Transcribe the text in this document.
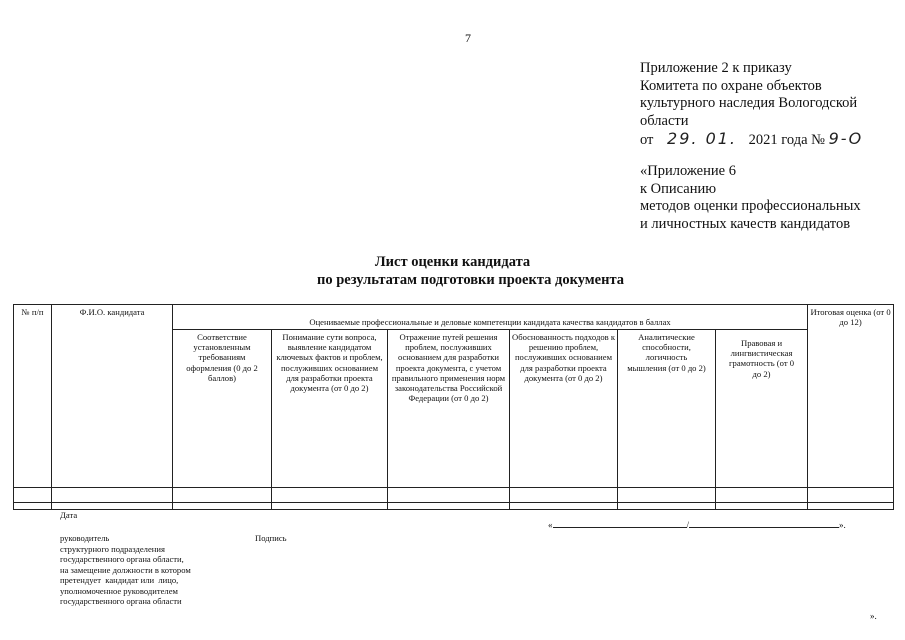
7
Приложение 2 к приказу
Комитета по охране объектов
культурного наследия Вологодской
области
от 29. 01. 2021 года № 9-О
«Приложение 6
к Описанию
методов оценки профессиональных
и личностных качеств кандидатов
Лист оценки кандидата
по результатам подготовки проекта документа
№ п/п	Ф.И.О. кандидата	Оцениваемые профессиональные и деловые компетенции кандидата качества кандидатов в баллах						Итоговая оценка (от 0 до 12)
		Соответствие установленным требованиям оформления (0 до 2 баллов)	Понимание сути вопроса, выявление кандидатом ключевых фактов и проблем, послуживших основанием для разработки проекта документа (от 0 до 2)	Отражение путей решения проблем, послуживших основанием для разработки проекта документа, с учетом правильного применения норм законодательства Российской Федерации (от 0 до 2)	Обоснованность подходов к решению проблем, послуживших основанием для разработки проекта документа (от 0 до 2)	Аналитические способности, логичность мышления (от 0 до 2)	Правовая и лингвистическая грамотность (от 0 до 2)	

Дата
руководитель
структурного подразделения
государственного органа области,
на замещение должности в котором
претендует  кандидат или  лицо,
уполномоченное руководителем
государственного органа области
Подпись
«	/	».
».
